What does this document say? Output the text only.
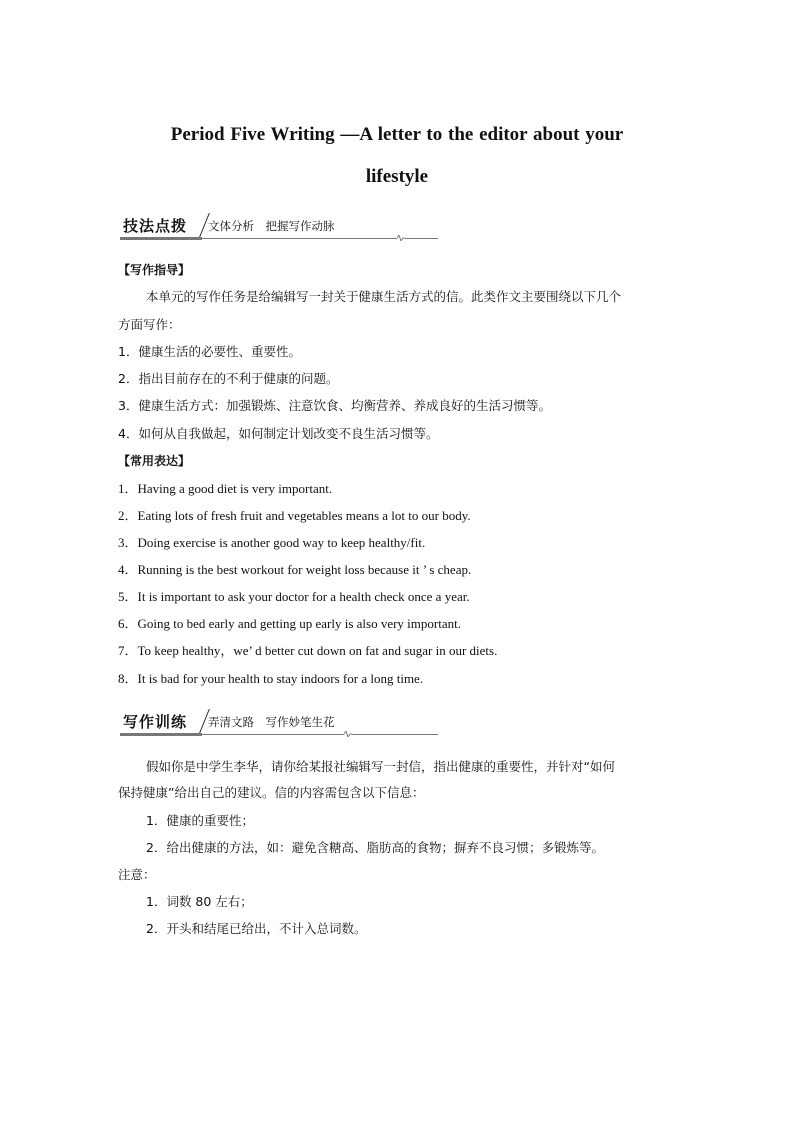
Period Five Writing —A letter to the editor about your
lifestyle
技法点拨 文体分析　把握写作动脉
【写作指导】
本单元的写作任务是给编辑写一封关于健康生活方式的信。此类作文主要围绕以下几个
方面写作：
1．健康生活的必要性、重要性。
2．指出目前存在的不利于健康的问题。
3．健康生活方式：加强锻炼、注意饮食、均衡营养、养成良好的生活习惯等。
4．如何从自我做起，如何制定计划改变不良生活习惯等。
【常用表达】
1．Having a good diet is very important.
2．Eating lots of fresh fruit and vegetables means a lot to our body.
3．Doing exercise is another good way to keep healthy/fit.
4．Running is the best workout for weight loss because it ’ s cheap.
5．It is important to ask your doctor for a health check once a year.
6．Going to bed early and getting up early is also very important.
7．To keep healthy，we’ d better cut down on fat and sugar in our diets.
8．It is bad for your health to stay indoors for a long time.
写作训练 弄清文路　写作妙笔生花
假如你是中学生李华，请你给某报社编辑写一封信，指出健康的重要性，并针对“如何
保持健康”给出自己的建议。信的内容需包含以下信息：
1．健康的重要性；
2．给出健康的方法，如：避免含糖高、脂肪高的食物；摒弃不良习惯；多锻炼等。
注意：
1．词数 80 左右；
2．开头和结尾已给出，不计入总词数。
